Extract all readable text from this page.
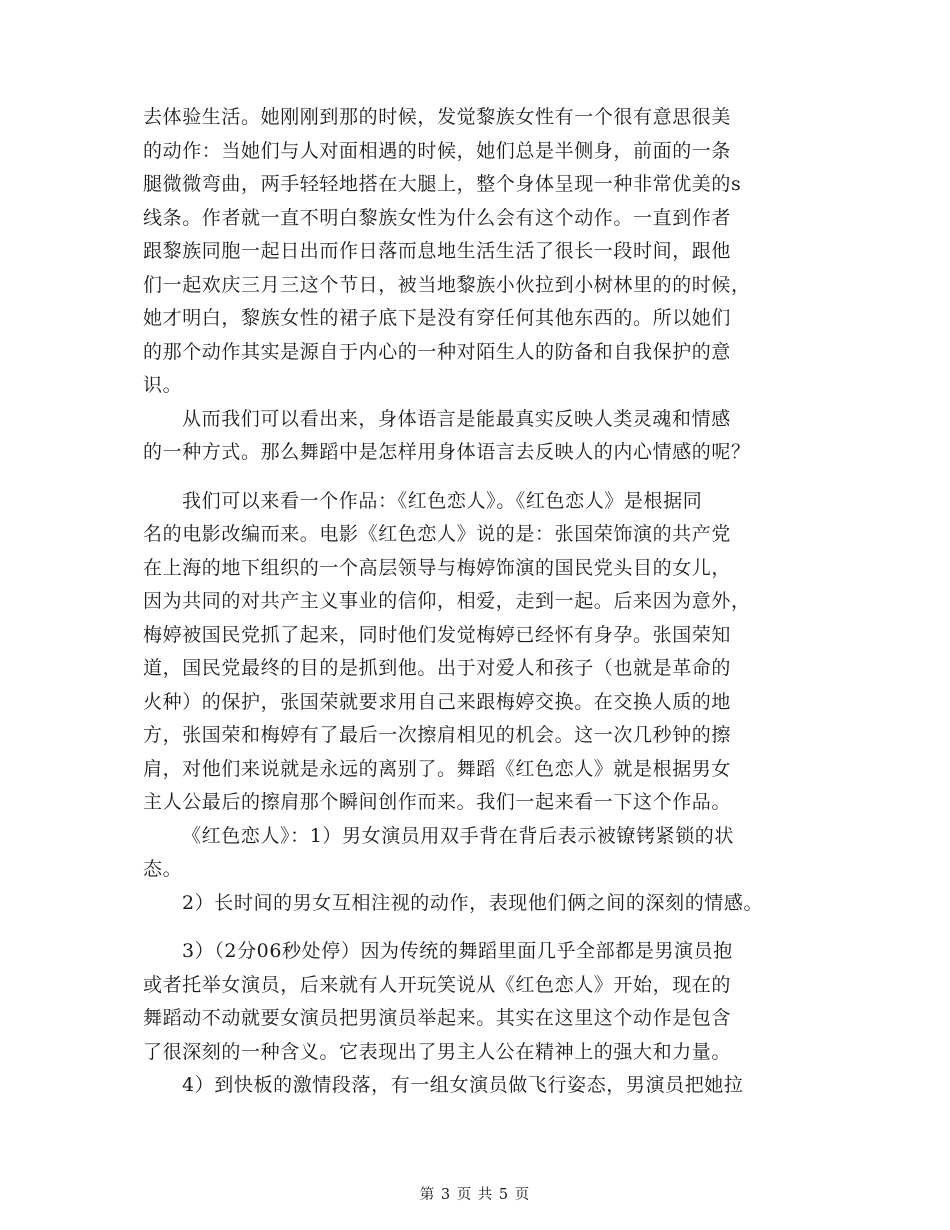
去体验生活。她刚刚到那的时候，发觉黎族女性有一个很有意思很美
的动作：当她们与人对面相遇的时候，她们总是半侧身，前面的一条
腿微微弯曲，两手轻轻地搭在大腿上，整个身体呈现一种非常优美的s
线条。作者就一直不明白黎族女性为什么会有这个动作。一直到作者
跟黎族同胞一起日出而作日落而息地生活生活了很长一段时间，跟他
们一起欢庆三月三这个节日，被当地黎族小伙拉到小树林里的的时候，
她才明白，黎族女性的裙子底下是没有穿任何其他东西的。所以她们
的那个动作其实是源自于内心的一种对陌生人的防备和自我保护的意
识。
从而我们可以看出来，身体语言是能最真实反映人类灵魂和情感
的一种方式。那么舞蹈中是怎样用身体语言去反映人的内心情感的呢？
我们可以来看一个作品：《红色恋人》。《红色恋人》是根据同
名的电影改编而来。电影《红色恋人》说的是：张国荣饰演的共产党
在上海的地下组织的一个高层领导与梅婷饰演的国民党头目的女儿，
因为共同的对共产主义事业的信仰，相爱，走到一起。后来因为意外，
梅婷被国民党抓了起来，同时他们发觉梅婷已经怀有身孕。张国荣知
道，国民党最终的目的是抓到他。出于对爱人和孩子（也就是革命的
火种）的保护，张国荣就要求用自己来跟梅婷交换。在交换人质的地
方，张国荣和梅婷有了最后一次擦肩相见的机会。这一次几秒钟的擦
肩，对他们来说就是永远的离别了。舞蹈《红色恋人》就是根据男女
主人公最后的擦肩那个瞬间创作而来。我们一起来看一下这个作品。
《红色恋人》：1）男女演员用双手背在背后表示被镣铐紧锁的状
态。
2）长时间的男女互相注视的动作，表现他们俩之间的深刻的情感。
3）（2分06秒处停）因为传统的舞蹈里面几乎全部都是男演员抱
或者托举女演员，后来就有人开玩笑说从《红色恋人》开始，现在的
舞蹈动不动就要女演员把男演员举起来。其实在这里这个动作是包含
了很深刻的一种含义。它表现出了男主人公在精神上的强大和力量。
4）到快板的激情段落，有一组女演员做飞行姿态，男演员把她拉
第 3 页 共 5 页
